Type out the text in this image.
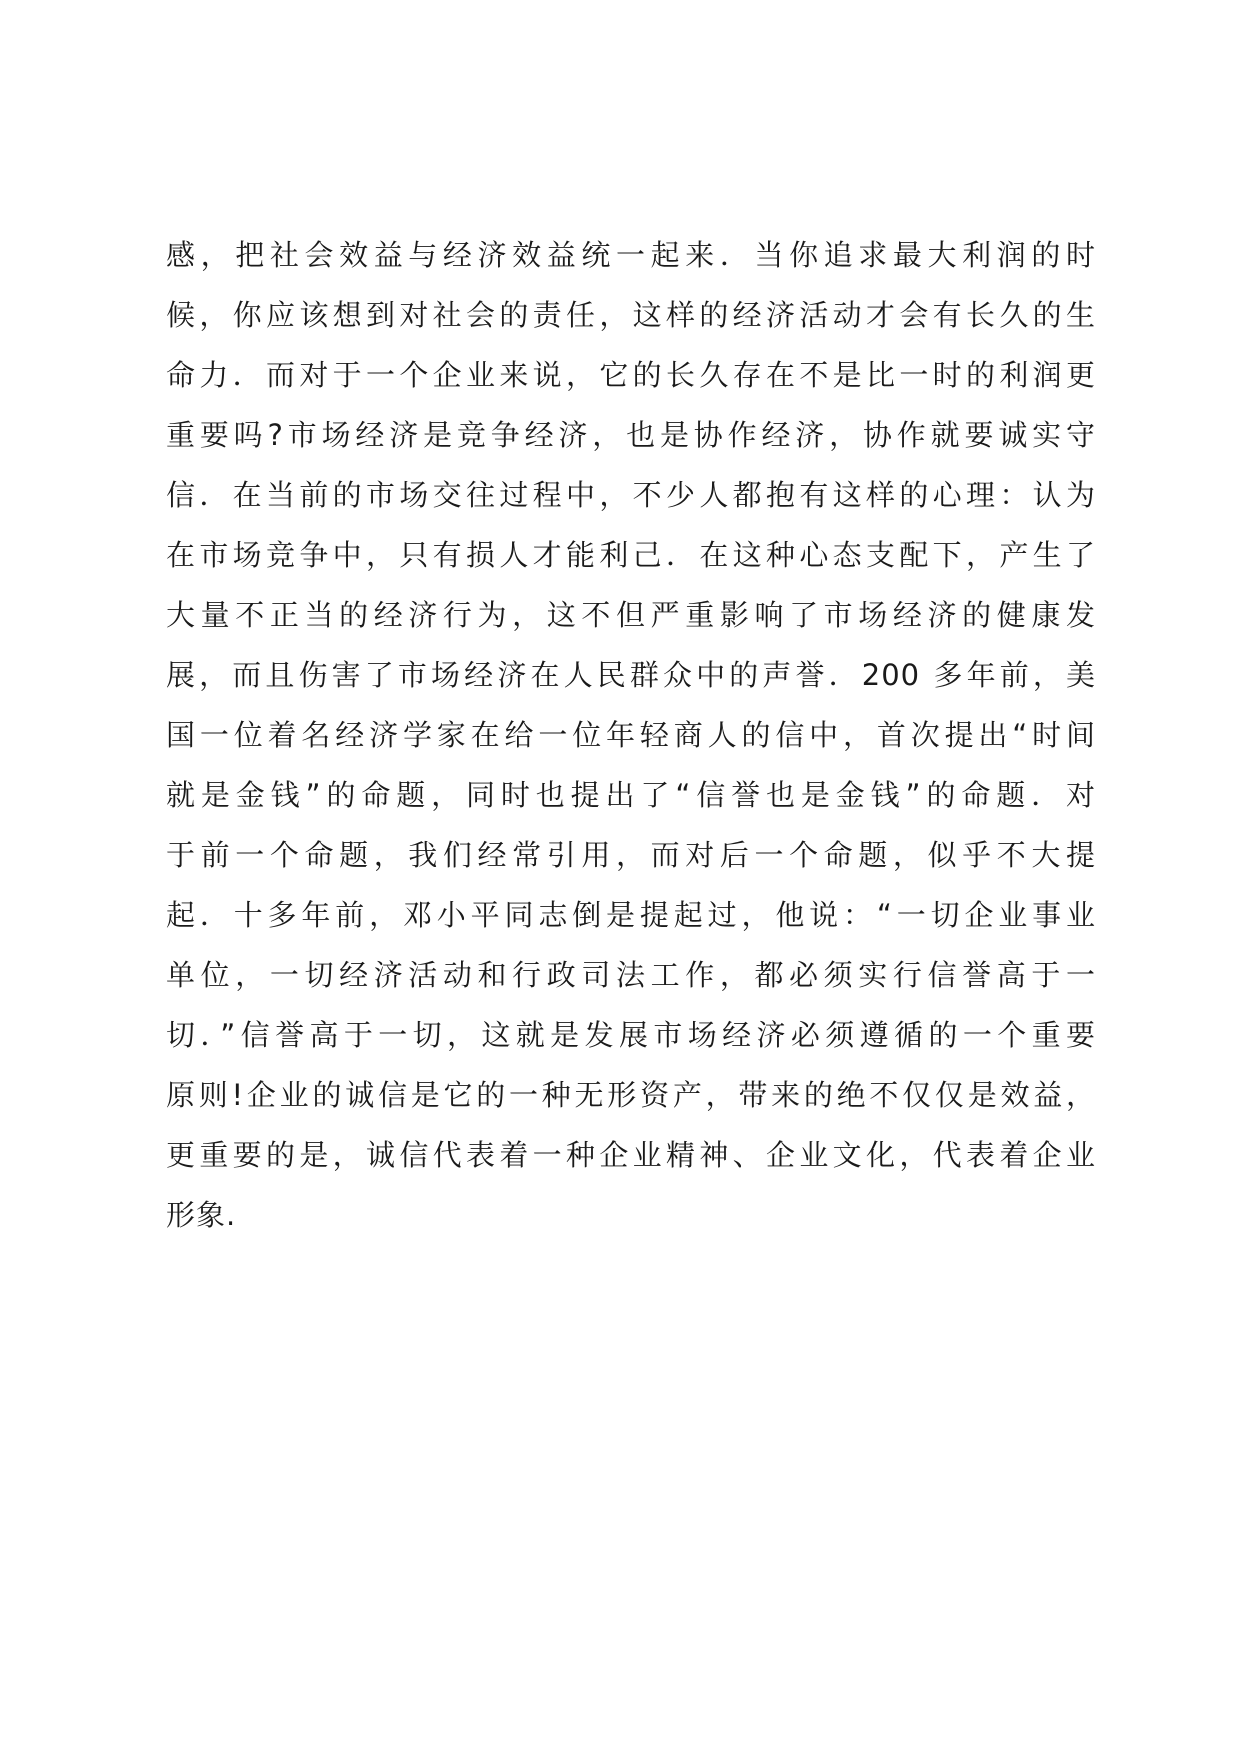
感，把社会效益与经济效益统一起来．当你追求最大利润的时
候，你应该想到对社会的责任，这样的经济活动才会有长久的生
命力．而对于一个企业来说，它的长久存在不是比一时的利润更
重要吗?市场经济是竞争经济，也是协作经济，协作就要诚实守
信．在当前的市场交往过程中，不少人都抱有这样的心理：认为
在市场竞争中，只有损人才能利己．在这种心态支配下，产生了
大量不正当的经济行为，这不但严重影响了市场经济的健康发
展，而且伤害了市场经济在人民群众中的声誉．200 多年前，美
国一位着名经济学家在给一位年轻商人的信中，首次提出“时间
就是金钱”的命题，同时也提出了“信誉也是金钱”的命题．对
于前一个命题，我们经常引用，而对后一个命题，似乎不大提
起．十多年前，邓小平同志倒是提起过，他说：“一切企业事业
单位，一切经济活动和行政司法工作，都必须实行信誉高于一
切．”信誉高于一切，这就是发展市场经济必须遵循的一个重要
原则!企业的诚信是它的一种无形资产，带来的绝不仅仅是效益，
更重要的是，诚信代表着一种企业精神、企业文化，代表着企业
形象.
